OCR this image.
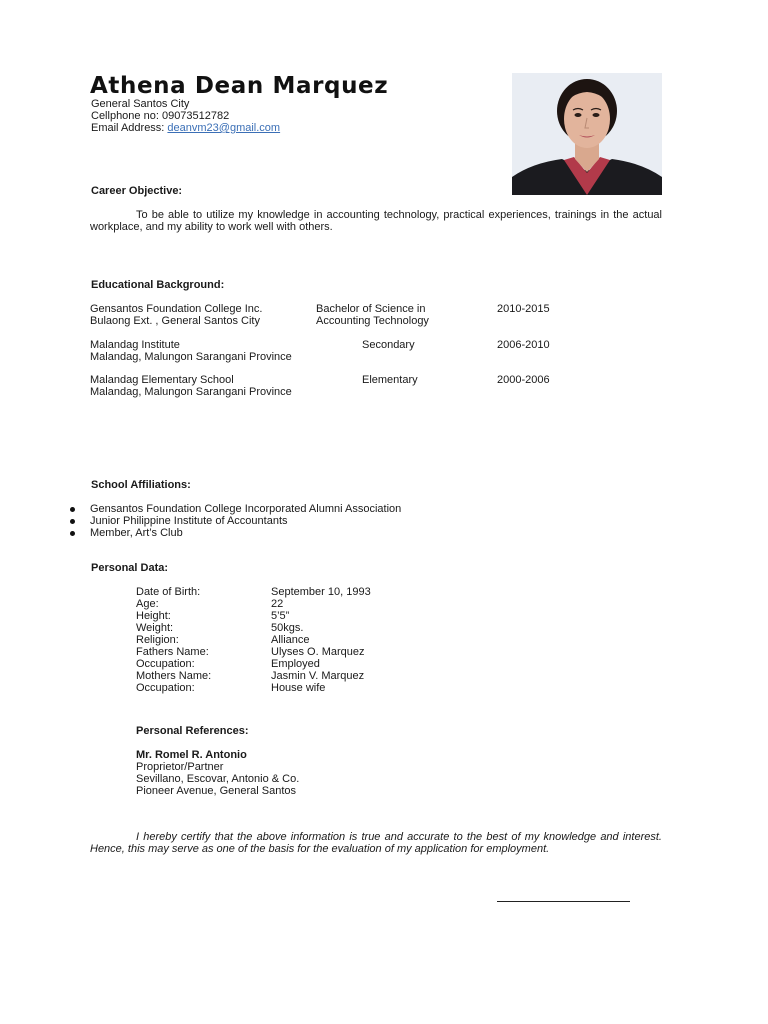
Athena Dean Marquez
General Santos City
Cellphone no: 09073512782
Email Address: deanvm23@gmail.com
Career Objective:
To be able to utilize my knowledge in accounting technology, practical experiences, trainings in the actual workplace, and my ability to work well with others.
Educational Background:
Gensantos Foundation College Inc.
Bulaong Ext. , General Santos City
Bachelor of Science in
Accounting Technology
2010-2015
Malandag Institute
Malandag, Malungon Sarangani Province
Secondary	2006-2010
Malandag Elementary School
Malandag, Malungon Sarangani Province
Elementary	2000-2006
School Affiliations:
Gensantos Foundation College Incorporated Alumni Association
Junior Philippine Institute of Accountants
Member, Art’s Club
Personal Data:
Date of Birth:
Age:
Height:
Weight:
Religion:
Fathers Name:
Occupation:
Mothers Name:
Occupation:
September 10, 1993
22
5’5”
50kgs.
Alliance
Ulyses O. Marquez
Employed
Jasmin V. Marquez
House wife
Personal References:
Mr. Romel R. Antonio
Proprietor/Partner
Sevillano, Escovar, Antonio & Co.
Pioneer Avenue, General Santos
I hereby certify that the above information is true and accurate to the best of my knowledge and interest. Hence, this may serve as one of the basis for the evaluation of my application for employment.
